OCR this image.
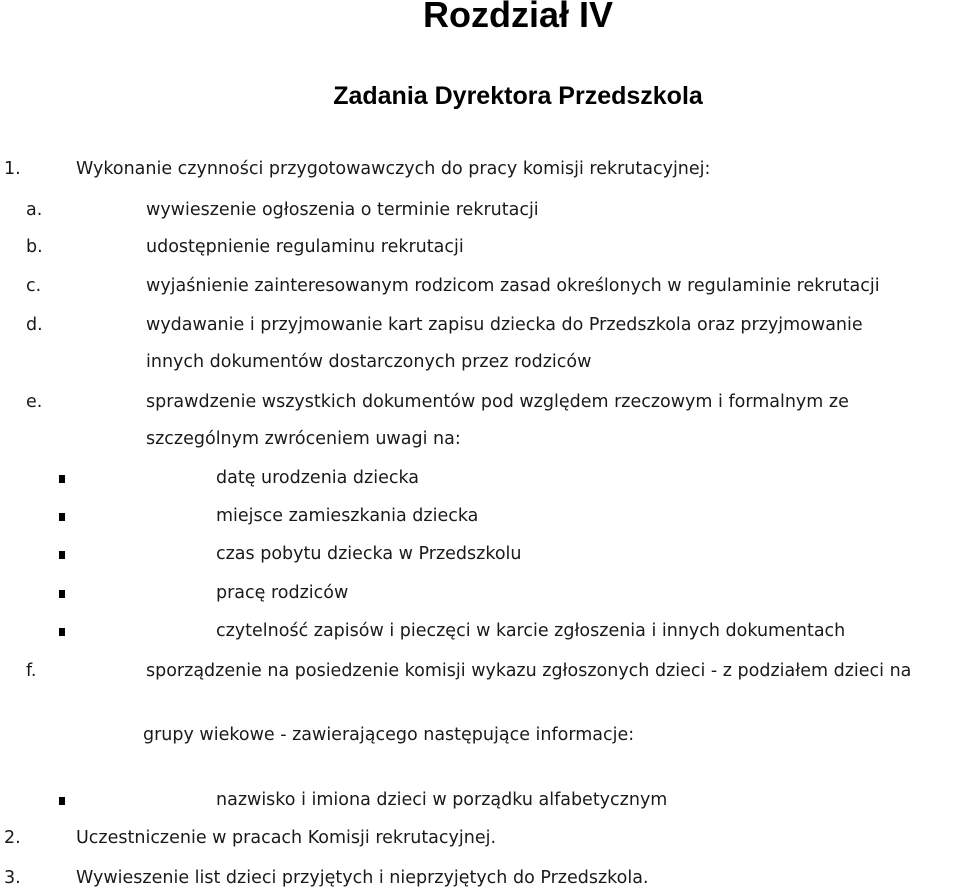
Rozdział IV
Zadania Dyrektora Przedszkola
1.	Wykonanie czynności przygotowawczych do pracy komisji rekrutacyjnej:
a.	wywieszenie ogłoszenia o terminie rekrutacji
b.	udostępnienie regulaminu rekrutacji
c.	wyjaśnienie zainteresowanym rodzicom zasad określonych w regulaminie rekrutacji
d.	wydawanie i przyjmowanie kart zapisu dziecka do Przedszkola oraz przyjmowanie
innych dokumentów dostarczonych przez rodziców
e.	sprawdzenie wszystkich dokumentów pod względem rzeczowym i formalnym ze
szczególnym zwróceniem uwagi na:
datę urodzenia dziecka
miejsce zamieszkania dziecka
czas pobytu dziecka w Przedszkolu
pracę rodziców
czytelność zapisów i pieczęci w karcie zgłoszenia i innych dokumentach
f.	sporządzenie na posiedzenie komisji wykazu zgłoszonych dzieci - z podziałem dzieci na
grupy wiekowe - zawierającego następujące informacje:
nazwisko i imiona dzieci w porządku alfabetycznym
2.	Uczestniczenie w pracach Komisji rekrutacyjnej.
3.	Wywieszenie list dzieci przyjętych i nieprzyjętych do Przedszkola.
